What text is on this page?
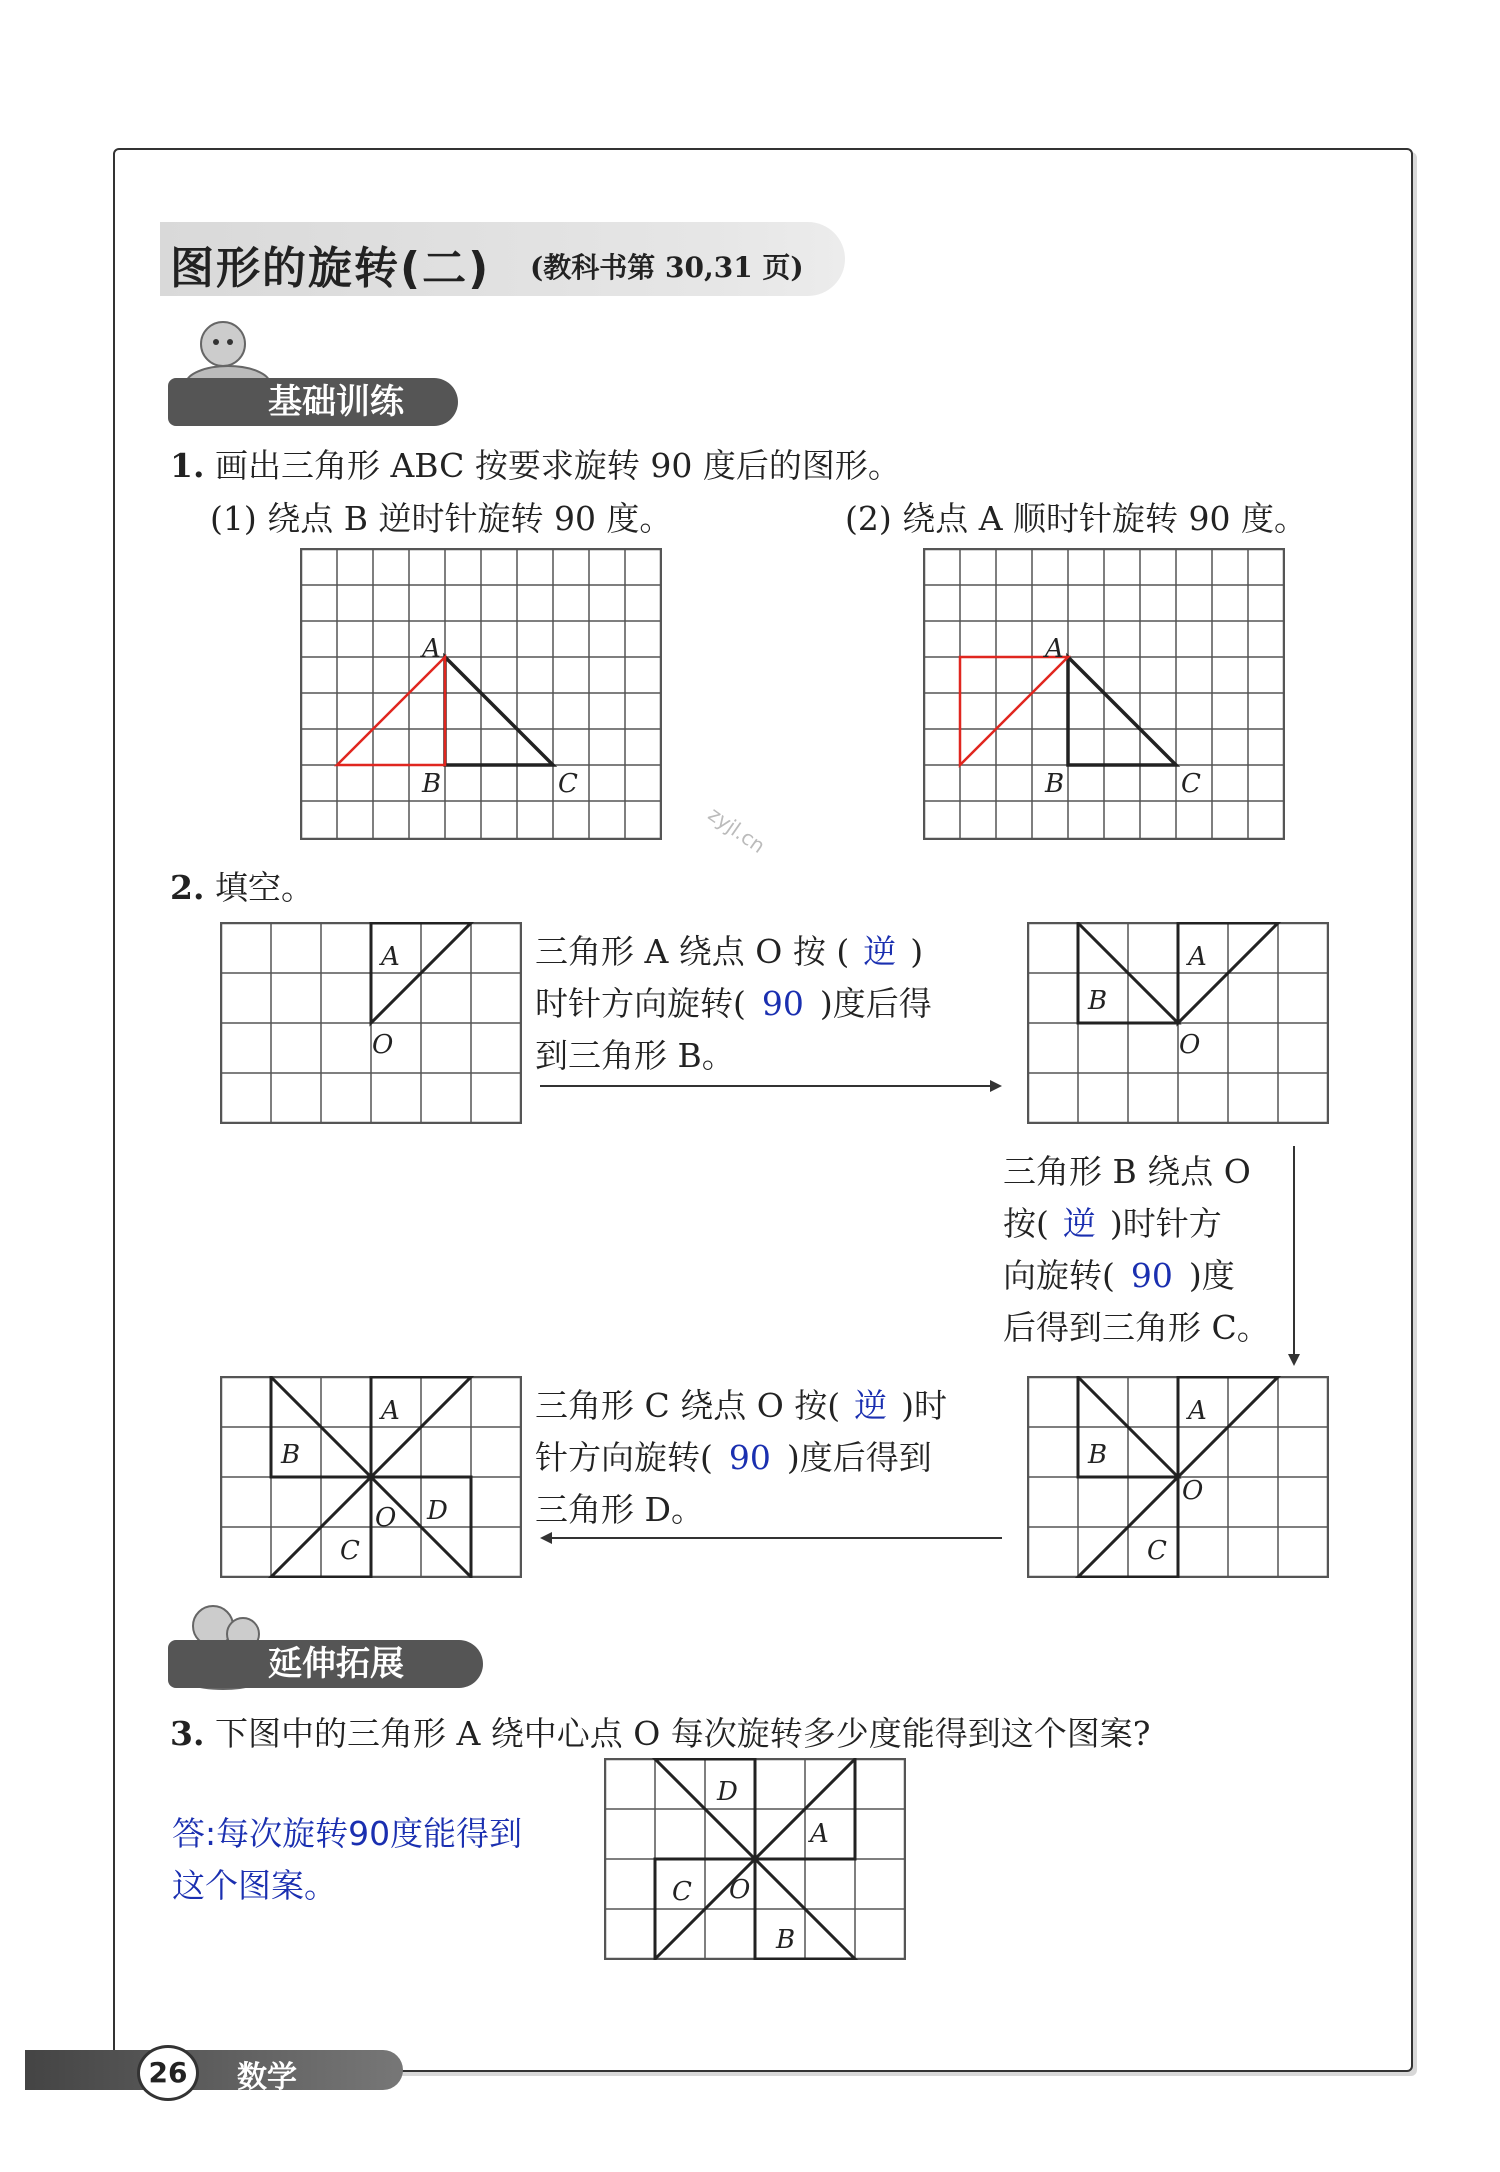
图形的旋转(二) (教科书第 30,31 页)
基础训练
1. 画出三角形 ABC 按要求旋转 90 度后的图形。
(1) 绕点 B 逆时针旋转 90 度。	(2) 绕点 A 顺时针旋转 90 度。
A
B	C
A
B	C
zyjl.cn
2. 填空。
A
O
三角形 A 绕点 O 按 ( 逆 )
时针方向旋转( 90 )度后得
到三角形 B。
A
B
O
三角形 B 绕点 O
按( 逆 )时针方
向旋转( 90 )度
后得到三角形 C。
A
B
C
D
O
三角形 C 绕点 O 按( 逆 )时
针方向旋转( 90 )度后得到
三角形 D。
A
B
C
O
延伸拓展
3. 下图中的三角形 A 绕中心点 O 每次旋转多少度能得到这个图案?
答:每次旋转90度能得到
这个图案。
D
A
C
B
O
26	数学
